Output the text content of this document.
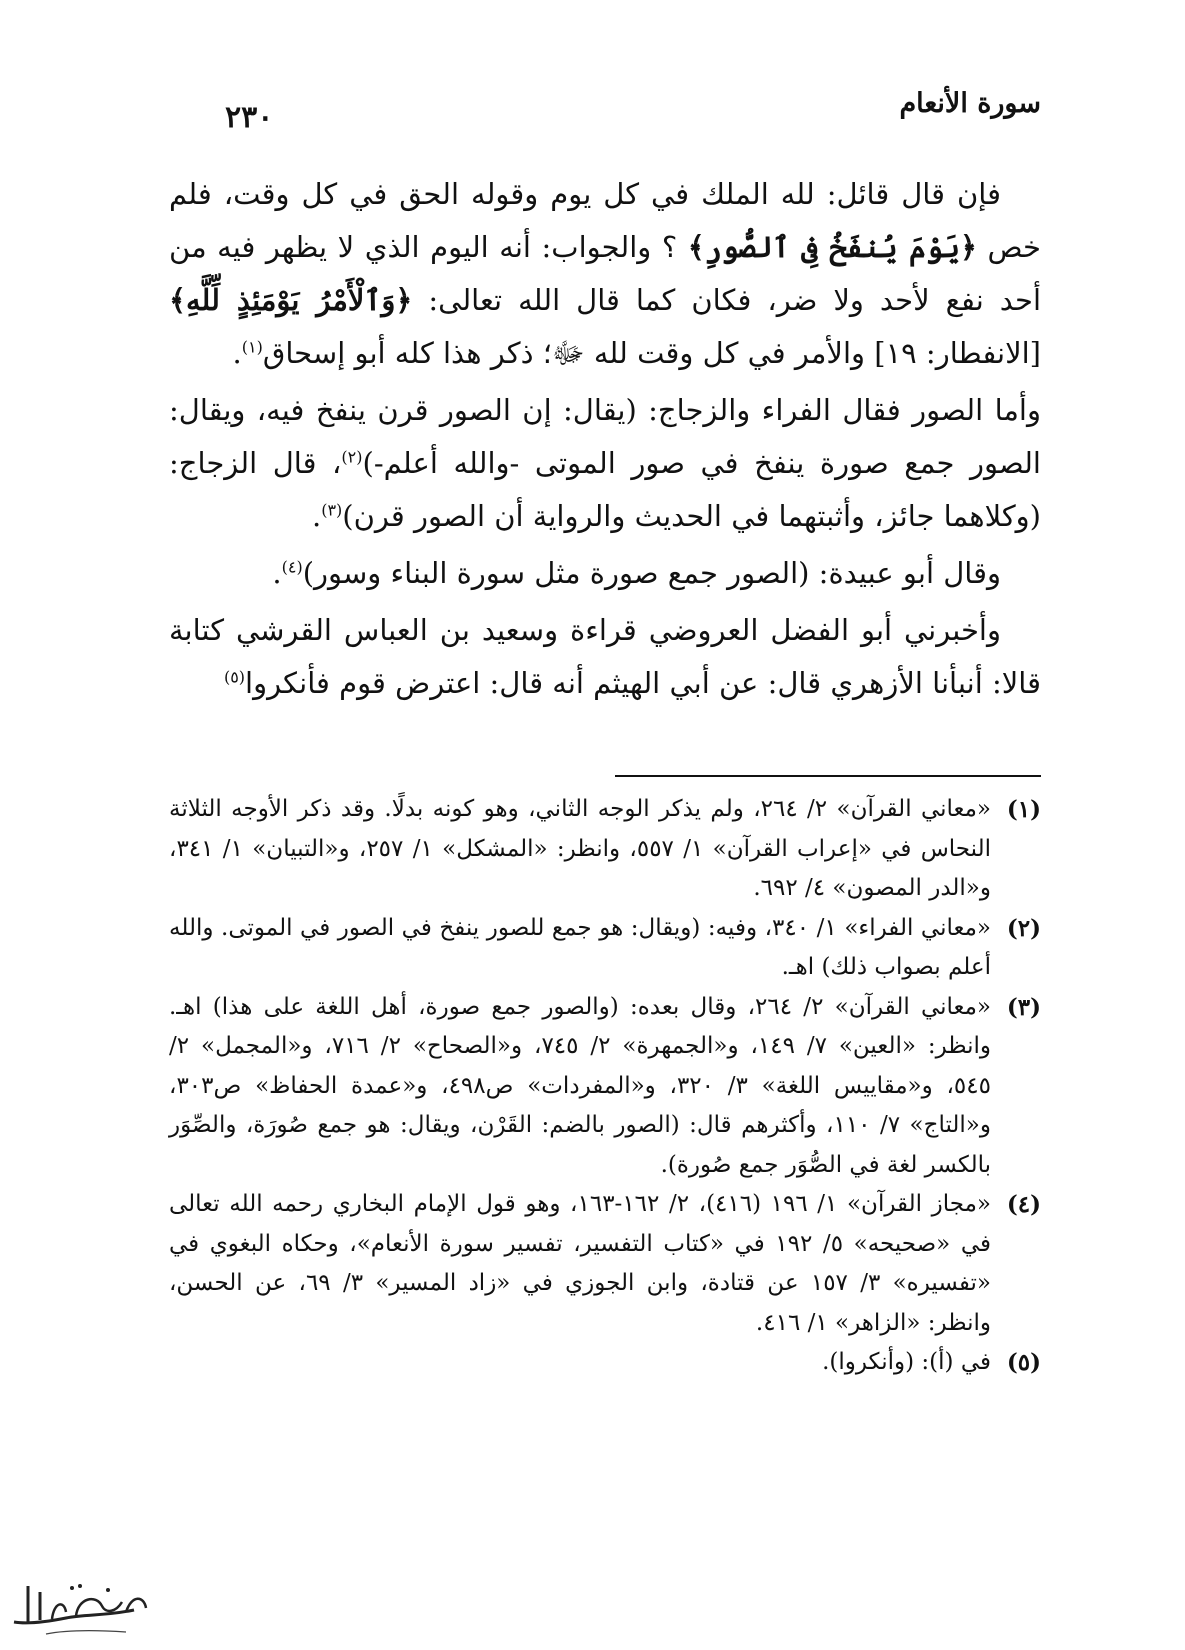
سورة الأنعام
٢٣٠

فإن قال قائل: لله الملك في كل يوم وقوله الحق في كل وقت، فلم خص ﴿يَوْمَ يُنفَخُ فِى ٱلصُّورِ﴾ ؟ والجواب: أنه اليوم الذي لا يظهر فيه من أحد نفع لأحد ولا ضر، فكان كما قال الله تعالى: ﴿وَٱلْأَمْرُ يَوْمَئِذٍ لِّلَّهِ﴾ [الانفطار: ١٩] والأمر في كل وقت لله ﷻ؛ ذكر هذا كله أبو إسحاق$^{(١)}$.

وأما الصور فقال الفراء والزجاج: (يقال: إن الصور قرن ينفخ فيه، ويقال: الصور جمع صورة ينفخ في صور الموتى -والله أعلم-)$^{(٢)}$، قال الزجاج: (وكلاهما جائز، وأثبتهما في الحديث والرواية أن الصور قرن)$^{(٣)}$.

وقال أبو عبيدة: (الصور جمع صورة مثل سورة البناء وسور)$^{(٤)}$.

وأخبرني أبو الفضل العروضي قراءة وسعيد بن العباس القرشي كتابة قالا: أنبأنا الأزهري قال: عن أبي الهيثم أنه قال: اعترض قوم فأنكروا$^{(٥)}$

(١)
«معاني القرآن» ٢/ ٢٦٤، ولم يذكر الوجه الثاني، وهو كونه بدلًا. وقد ذكر الأوجه الثلاثة النحاس في «إعراب القرآن» ١/ ٥٥٧، وانظر: «المشكل» ١/ ٢٥٧، و«التبيان» ١/ ٣٤١، و«الدر المصون» ٤/ ٦٩٢.

(٢)
«معاني الفراء» ١/ ٣٤٠، وفيه: (ويقال: هو جمع للصور ينفخ في الصور في الموتى. والله أعلم بصواب ذلك) اهـ.

(٣)
«معاني القرآن» ٢/ ٢٦٤، وقال بعده: (والصور جمع صورة، أهل اللغة على هذا) اهـ. وانظر: «العين» ٧/ ١٤٩، و«الجمهرة» ٢/ ٧٤٥، و«الصحاح» ٢/ ٧١٦، و«المجمل» ٢/ ٥٤٥، و«مقاييس اللغة» ٣/ ٣٢٠، و«المفردات» ص٤٩٨، و«عمدة الحفاظ» ص٣٠٣، و«التاج» ٧/ ١١٠، وأكثرهم قال: (الصور بالضم: القَرْن، ويقال: هو جمع صُورَة، والصِّوَر بالكسر لغة في الصُّوَر جمع صُورة).

(٤)
«مجاز القرآن» ١/ ١٩٦ (٤١٦)، ٢/ ١٦٢-١٦٣، وهو قول الإمام البخاري رحمه الله تعالى في «صحيحه» ٥/ ١٩٢ في «كتاب التفسير، تفسير سورة الأنعام»، وحكاه البغوي في «تفسيره» ٣/ ١٥٧ عن قتادة، وابن الجوزي في «زاد المسير» ٣/ ٦٩، عن الحسن، وانظر: «الزاهر» ١/ ٤١٦.

(٥)
في (أ): (وأنكروا).
